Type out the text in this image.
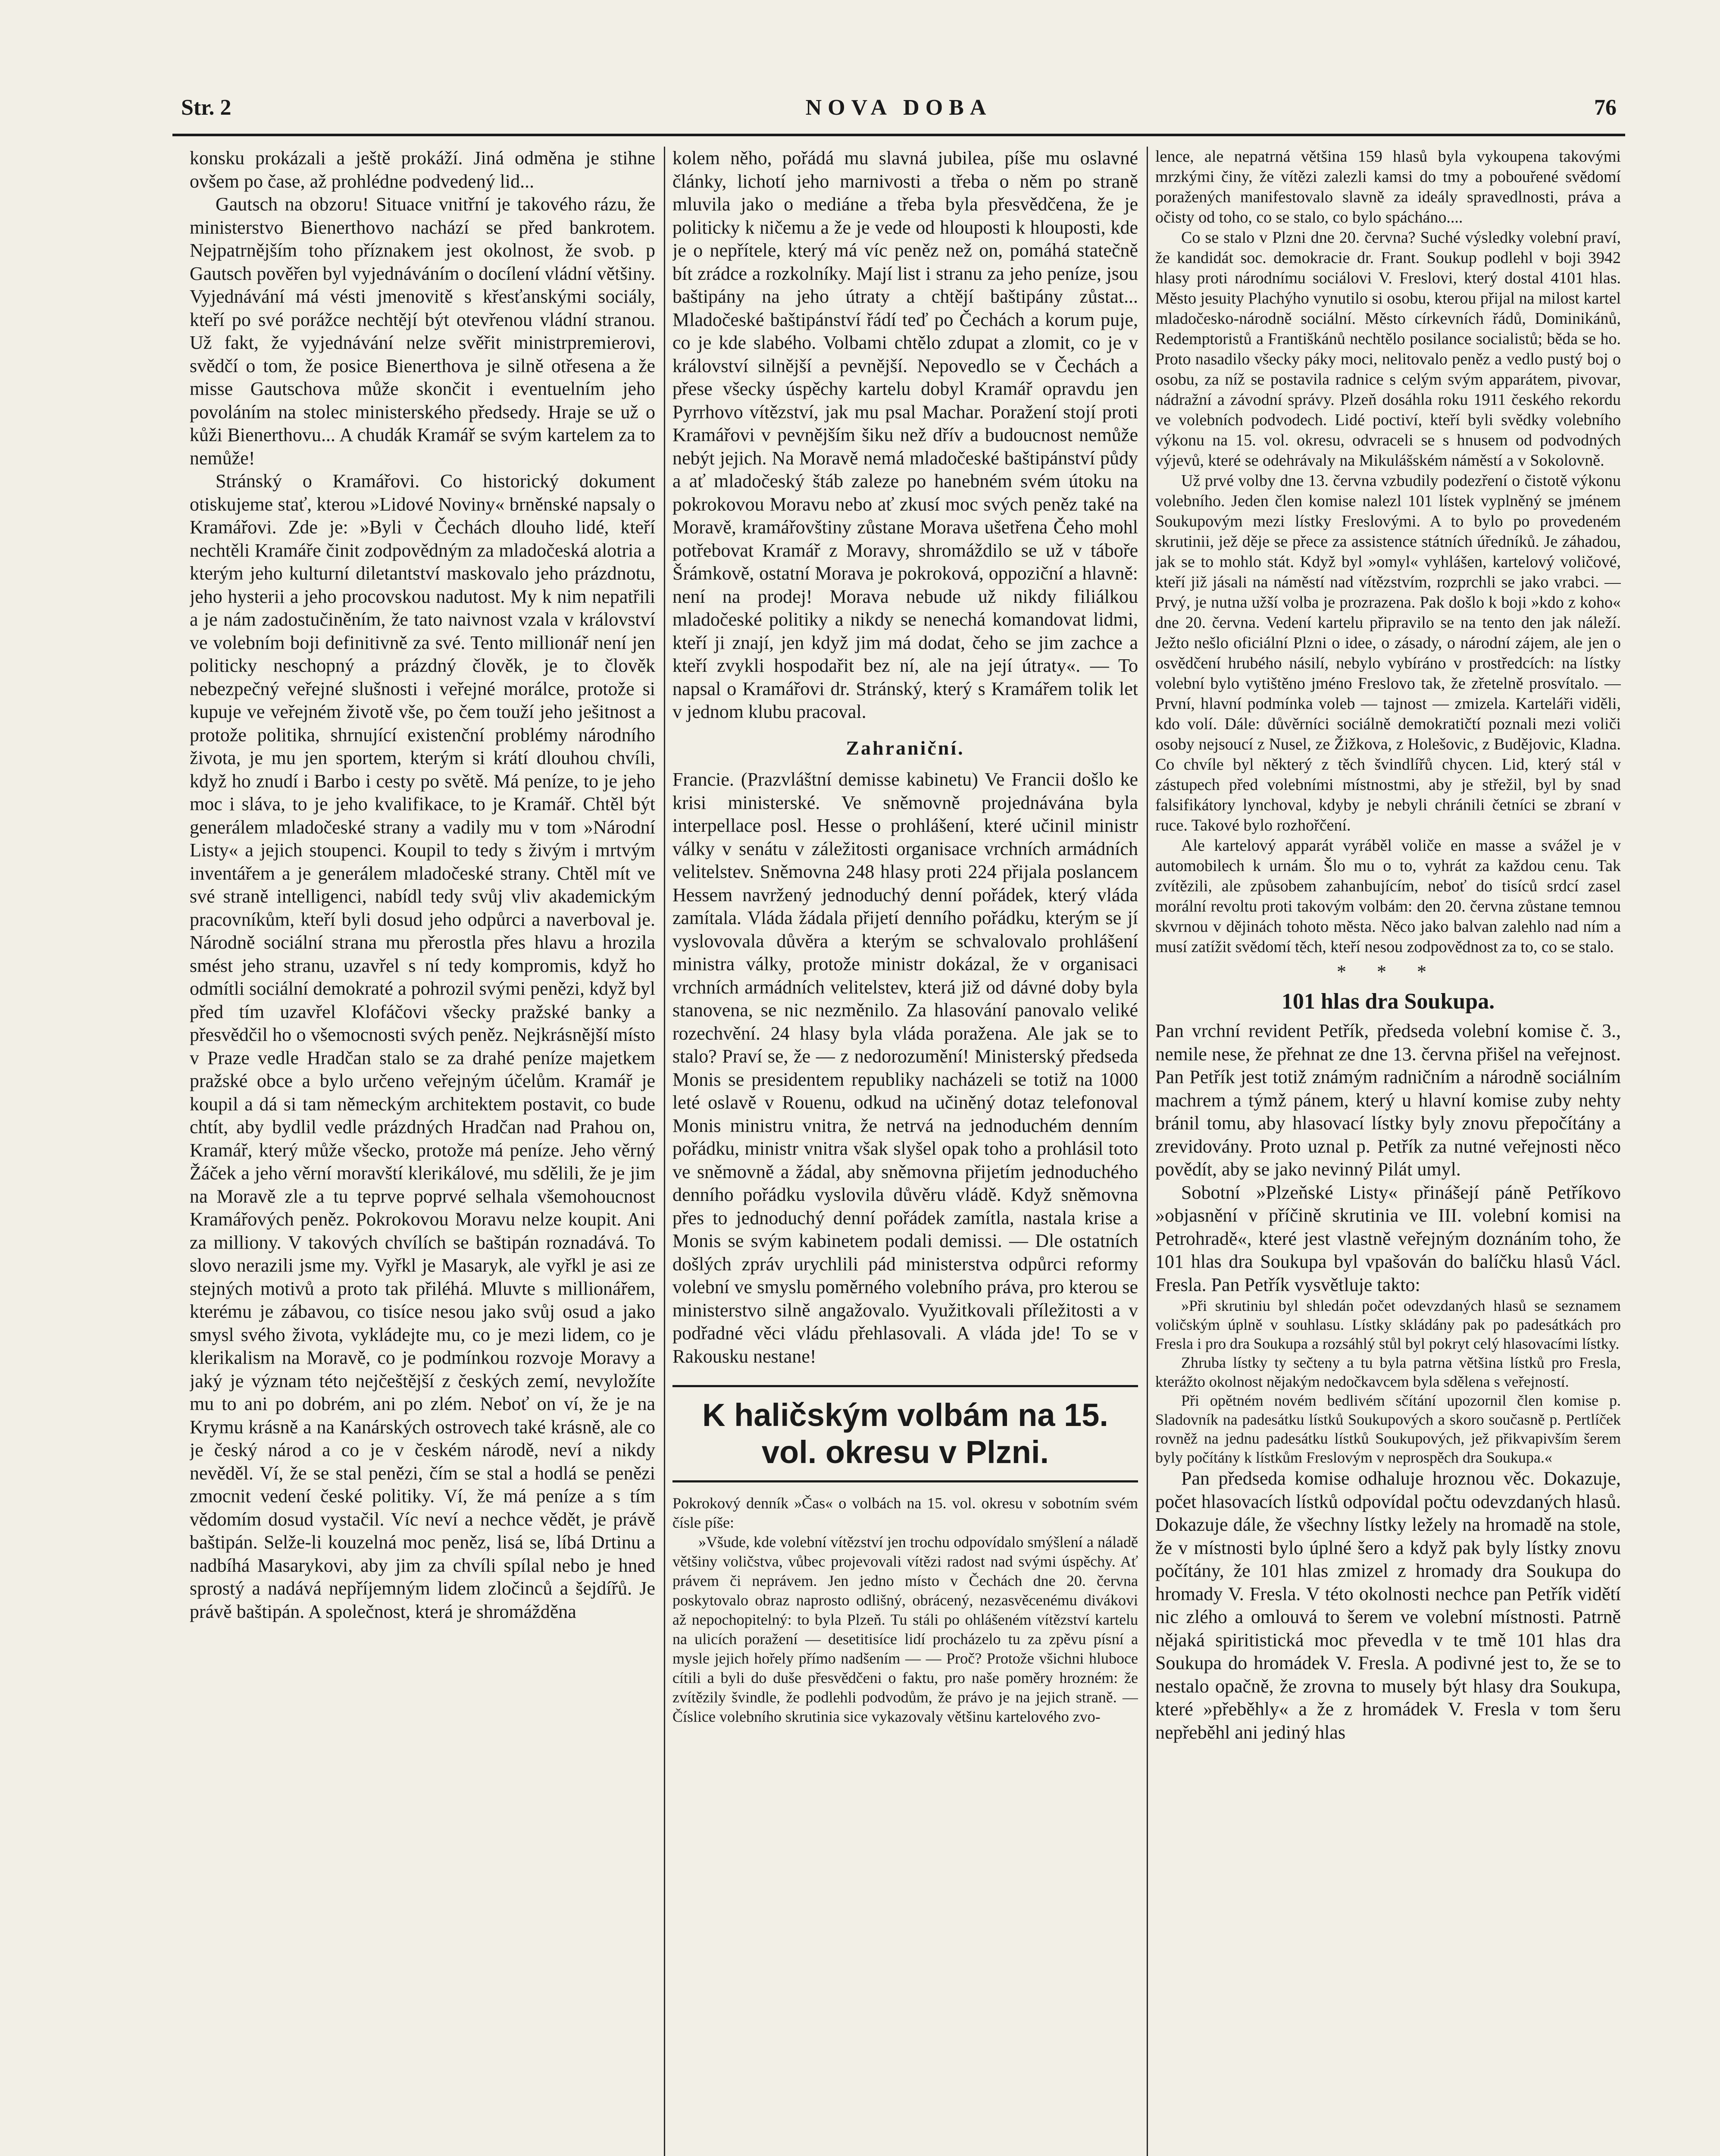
Str. 2	NOVA DOBA	76

konsku prokázali a ještě prokáží. Jiná odměna je stihne ovšem po čase, až prohlédne podvedený lid...

Gautsch na obzoru! Situace vnitřní je takového rázu, že ministerstvo Bienerthovo nachází se před bankrotem. Nejpatrnějším toho příznakem jest okolnost, že svob. p Gautsch pověřen byl vyjednáváním o docílení vládní většiny. Vyjednávání má vésti jmenovitě s křesťanskými sociály, kteří po své porážce nechtějí být otevřenou vládní stranou. Už fakt, že vyjednávání nelze svěřit ministrpremierovi, svědčí o tom, že posice Bienerthova je silně otřesena a že misse Gautschova může skončit i eventuelním jeho povoláním na stolec ministerského předsedy. Hraje se už o kůži Bienerthovu... A chudák Kramář se svým kartelem za to nemůže!

Stránský o Kramářovi. Co historický dokument otiskujeme stať, kterou »Lidové Noviny« brněnské napsaly o Kramářovi. Zde je: »Byli v Čechách dlouho lidé, kteří nechtěli Kramáře činit zodpovědným za mladočeská alotria a kterým jeho kulturní diletantství maskovalo jeho prázdnotu, jeho hysterii a jeho procovskou nadutost. My k nim nepatřili a je nám zadostučiněním, že tato naivnost vzala v království ve volebním boji definitivně za své. Tento millionář není jen politicky neschopný a prázdný člověk, je to člověk nebezpečný veřejné slušnosti i veřejné morálce, protože si kupuje ve veřejném životě vše, po čem touží jeho ješitnost a protože politika, shrnující existenční problémy národního života, je mu jen sportem, kterým si krátí dlouhou chvíli, když ho znudí i Barbo i cesty po světě. Má peníze, to je jeho moc i sláva, to je jeho kvalifikace, to je Kramář. Chtěl být generálem mladočeské strany a vadily mu v tom »Národní Listy« a jejich stoupenci. Koupil to tedy s živým i mrtvým inventářem a je generálem mladočeské strany. Chtěl mít ve své straně intelligenci, nabídl tedy svůj vliv akademickým pracovníkům, kteří byli dosud jeho odpůrci a naverboval je. Národně sociální strana mu přerostla přes hlavu a hrozila smést jeho stranu, uzavřel s ní tedy kompromis, když ho odmítli sociální demokraté a pohrozil svými penězi, když byl před tím uzavřel Klofáčovi všecky pražské banky a přesvědčil ho o všemocnosti svých peněz. Nejkrásnější místo v Praze vedle Hradčan stalo se za drahé peníze majetkem pražské obce a bylo určeno veřejným účelům. Kramář je koupil a dá si tam německým architektem postavit, co bude chtít, aby bydlil vedle prázdných Hradčan nad Prahou on, Kramář, který může všecko, protože má peníze. Jeho věrný Žáček a jeho věrní moravští klerikálové, mu sdělili, že je jim na Moravě zle a tu teprve poprvé selhala všemohoucnost Kramářových peněz. Pokrokovou Moravu nelze koupit. Ani za milliony. V takových chvílích se baštipán roznadává. To slovo nerazili jsme my. Vyřkl je Masaryk, ale vyřkl je asi ze stejných motivů a proto tak přiléhá. Mluvte s millionářem, kterému je zábavou, co tisíce nesou jako svůj osud a jako smysl svého života, vykládejte mu, co je mezi lidem, co je klerikalism na Moravě, co je podmínkou rozvoje Moravy a jaký je význam této nejčeštější z českých zemí, nevyložíte mu to ani po dobrém, ani po zlém. Neboť on ví, že je na Krymu krásně a na Kanárských ostrovech také krásně, ale co je český národ a co je v českém národě, neví a nikdy nevěděl. Ví, že se stal penězi, čím se stal a hodlá se penězi zmocnit vedení české politiky. Ví, že má peníze a s tím vědomím dosud vystačil. Víc neví a nechce vědět, je právě baštipán. Selže-li kouzelná moc peněz, lisá se, líbá Drtinu a nadbíhá Masarykovi, aby jim za chvíli spílal nebo je hned sprostý a nadává nepříjemným lidem zločinců a šejdířů. Je právě baštipán. A společnost, která je shromážděna

kolem něho, pořádá mu slavná jubilea, píše mu oslavné články, lichotí jeho marnivosti a třeba o něm po straně mluvila jako o mediáne a třeba byla přesvědčena, že je politicky k ničemu a že je vede od hlouposti k hlouposti, kde je o nepřítele, který má víc peněz než on, pomáhá statečně bít zrádce a rozkolníky. Mají list i stranu za jeho peníze, jsou baštipány na jeho útraty a chtějí baštipány zůstat... Mladočeské baštipánství řádí teď po Čechách a korum puje, co je kde slabého. Volbami chtělo zdupat a zlomit, co je v království silnější a pevnější. Nepovedlo se v Čechách a přese všecky úspěchy kartelu dobyl Kramář opravdu jen Pyrrhovo vítězství, jak mu psal Machar. Poražení stojí proti Kramářovi v pevnějším šiku než dřív a budoucnost nemůže nebýt jejich. Na Moravě nemá mladočeské baštipánství půdy a ať mladočeský štáb zaleze po hanebném svém útoku na pokrokovou Moravu nebo ať zkusí moc svých peněz také na Moravě, kramářovštiny zůstane Morava ušetřena Čeho mohl potřebovat Kramář z Moravy, shromáždilo se už v táboře Šrámkově, ostatní Morava je pokroková, oppoziční a hlavně: není na prodej! Morava nebude už nikdy filiálkou mladočeské politiky a nikdy se nenechá komandovat lidmi, kteří ji znají, jen když jim má dodat, čeho se jim zachce a kteří zvykli hospodařit bez ní, ale na její útraty«. — To napsal o Kramářovi dr. Stránský, který s Kramářem tolik let v jednom klubu pracoval.

Zahraniční.

Francie. (Prazvláštní demisse kabinetu) Ve Francii došlo ke krisi ministerské. Ve sněmovně projednávána byla interpellace posl. Hesse o prohlášení, které učinil ministr války v senátu v záležitosti organisace vrchních armádních velitelstev. Sněmovna 248 hlasy proti 224 přijala poslancem Hessem navržený jednoduchý denní pořádek, který vláda zamítala. Vláda žádala přijetí denního pořádku, kterým se jí vyslovovala důvěra a kterým se schvalovalo prohlášení ministra války, protože ministr dokázal, že v organisaci vrchních armádních velitelstev, která již od dávné doby byla stanovena, se nic nezměnilo. Za hlasování panovalo veliké rozechvění. 24 hlasy byla vláda poražena. Ale jak se to stalo? Praví se, že — z nedorozumění! Ministerský předseda Monis se presidentem republiky nacházeli se totiž na 1000 leté oslavě v Rouenu, odkud na učiněný dotaz telefonoval Monis ministru vnitra, že netrvá na jednoduchém denním pořádku, ministr vnitra však slyšel opak toho a prohlásil toto ve sněmovně a žádal, aby sněmovna přijetím jednoduchého denního pořádku vyslovila důvěru vládě. Když sněmovna přes to jednoduchý denní pořádek zamítla, nastala krise a Monis se svým kabinetem podali demissi. — Dle ostatních došlých zpráv urychlili pád ministerstva odpůrci reformy volební ve smyslu poměrného volebního práva, pro kterou se ministerstvo silně angažovalo. Využitkovali příležitosti a v podřadné věci vládu přehlasovali. A vláda jde! To se v Rakousku nestane!

K haličským volbám na 15. vol. okresu v Plzni.

Pokrokový denník »Čas« o volbách na 15. vol. okresu v sobotním svém čísle píše:

»Všude, kde volební vítězství jen trochu odpovídalo smýšlení a náladě většiny voličstva, vůbec projevovali vítězi radost nad svými úspěchy. Ať právem či neprávem. Jen jedno místo v Čechách dne 20. června poskytovalo obraz naprosto odlišný, obrácený, nezasvěcenému divákovi až nepochopitelný: to byla Plzeň. Tu stáli po ohlášeném vítězství kartelu na ulicích poražení — desetitisíce lidí procházelo tu za zpěvu písní a mysle jejich hořely přímo nadšením — — Proč? Protože všichni hluboce cítili a byli do duše přesvědčeni o faktu, pro naše poměry hrozném: že zvítězily švindle, že podlehli podvodům, že právo je na jejich straně. — Číslice volebního skrutinia sice vykazovaly většinu kartelového zvo-

lence, ale nepatrná většina 159 hlasů byla vykoupena takovými mrzkými činy, že vítězi zalezli kamsi do tmy a pobouřené svědomí poražených manifestovalo slavně za ideály spravedlnosti, práva a očisty od toho, co se stalo, co bylo spácháno....

Co se stalo v Plzni dne 20. června? Suché výsledky volební praví, že kandidát soc. demokracie dr. Frant. Soukup podlehl v boji 3942 hlasy proti národnímu sociálovi V. Freslovi, který dostal 4101 hlas. Město jesuity Plachýho vynutilo si osobu, kterou přijal na milost kartel mladočesko-národně sociální. Město církevních řádů, Dominikánů, Redemptoristů a Františkánů nechtělo posilance socialistů; běda se ho. Proto nasadilo všecky páky moci, nelitovalo peněz a vedlo pustý boj o osobu, za níž se postavila radnice s celým svým apparátem, pivovar, nádražní a závodní správy. Plzeň dosáhla roku 1911 českého rekordu ve volebních podvodech. Lidé poctiví, kteří byli svědky volebního výkonu na 15. vol. okresu, odvraceli se s hnusem od podvodných výjevů, které se odehrávaly na Mikulášském náměstí a v Sokolovně.

Už prvé volby dne 13. června vzbudily podezření o čistotě výkonu volebního. Jeden člen komise nalezl 101 lístek vyplněný se jménem Soukupovým mezi lístky Freslovými. A to bylo po provedeném skrutinii, jež děje se přece za assistence státních úředníků. Je záhadou, jak se to mohlo stát. Když byl »omyl« vyhlášen, kartelový voličové, kteří již jásali na náměstí nad vítězstvím, rozprchli se jako vrabci. — Prvý, je nutna užší volba je prozrazena. Pak došlo k boji »kdo z koho« dne 20. června. Vedení kartelu připravilo se na tento den jak náleží. Ježto nešlo oficiální Plzni o idee, o zásady, o národní zájem, ale jen o osvědčení hrubého násilí, nebylo vybíráno v prostředcích: na lístky volební bylo vytištěno jméno Freslovo tak, že zřetelně prosvítalo. — První, hlavní podmínka voleb — tajnost — zmizela. Karteláři viděli, kdo volí. Dále: důvěrníci sociálně demokratičtí poznali mezi voliči osoby nejsoucí z Nusel, ze Žižkova, z Holešovic, z Budějovic, Kladna. Co chvíle byl některý z těch švindlířů chycen. Lid, který stál v zástupech před volebními místnostmi, aby je střežil, byl by snad falsifikátory lynchoval, kdyby je nebyli chránili četníci se zbraní v ruce. Takové bylo rozhořčení.

Ale kartelový apparát vyráběl voliče en masse a svážel je v automobilech k urnám. Šlo mu o to, vyhrát za každou cenu. Tak zvítězili, ale způsobem zahanbujícím, neboť do tisíců srdcí zasel morální revoltu proti takovým volbám: den 20. června zůstane temnou skvrnou v dějinách tohoto města. Něco jako balvan zalehlo nad ním a musí zatížit svědomí těch, kteří nesou zodpovědnost za to, co se stalo.

* * *
101 hlas dra Soukupa.

Pan vrchní revident Petřík, předseda volební komise č. 3., nemile nese, že přehnat ze dne 13. června přišel na veřejnost. Pan Petřík jest totiž známým radničním a národně sociálním machrem a týmž pánem, který u hlavní komise zuby nehty bránil tomu, aby hlasovací lístky byly znovu přepočítány a zrevidovány. Proto uznal p. Petřík za nutné veřejnosti něco povědít, aby se jako nevinný Pilát umyl.

Sobotní »Plzeňské Listy« přinášejí páně Petříkovo »objasnění v příčině skrutinia ve III. volební komisi na Petrohradě«, které jest vlastně veřejným doznáním toho, že 101 hlas dra Soukupa byl vpašován do balíčku hlasů Václ. Fresla. Pan Petřík vysvětluje takto:

»Při skrutiniu byl shledán počet odevzdaných hlasů se seznamem voličským úplně v souhlasu. Lístky skládány pak po padesátkách pro Fresla i pro dra Soukupa a rozsáhlý stůl byl pokryt celý hlasovacími lístky.

Zhruba lístky ty sečteny a tu byla patrna většina lístků pro Fresla, kterážto okolnost nějakým nedočkavcem byla sdělena s veřejností.

Při opětném novém bedlivém sčítání upozornil člen komise p. Sladovník na padesátku lístků Soukupových a skoro současně p. Pertlíček rovněž na jednu padesátku lístků Soukupových, jež přikvapivším šerem byly počítány k lístkům Freslovým v neprospěch dra Soukupa.«

Pan předseda komise odhaluje hroznou věc. Dokazuje, počet hlasovacích lístků odpovídal počtu odevzdaných hlasů. Dokazuje dále, že všechny lístky ležely na hromadě na stole, že v místnosti bylo úplné šero a když pak byly lístky znovu počítány, že 101 hlas zmizel z hromady dra Soukupa do hromady V. Fresla. V této okolnosti nechce pan Petřík vidětí nic zlého a omlouvá to šerem ve volební místnosti. Patrně nějaká spiritistická moc převedla v te tmě 101 hlas dra Soukupa do hromádek V. Fresla. A podivné jest to, že se to nestalo opačně, že zrovna to musely být hlasy dra Soukupa, které »přeběhly« a že z hromádek V. Fresla v tom šeru nepřeběhl ani jediný hlas
